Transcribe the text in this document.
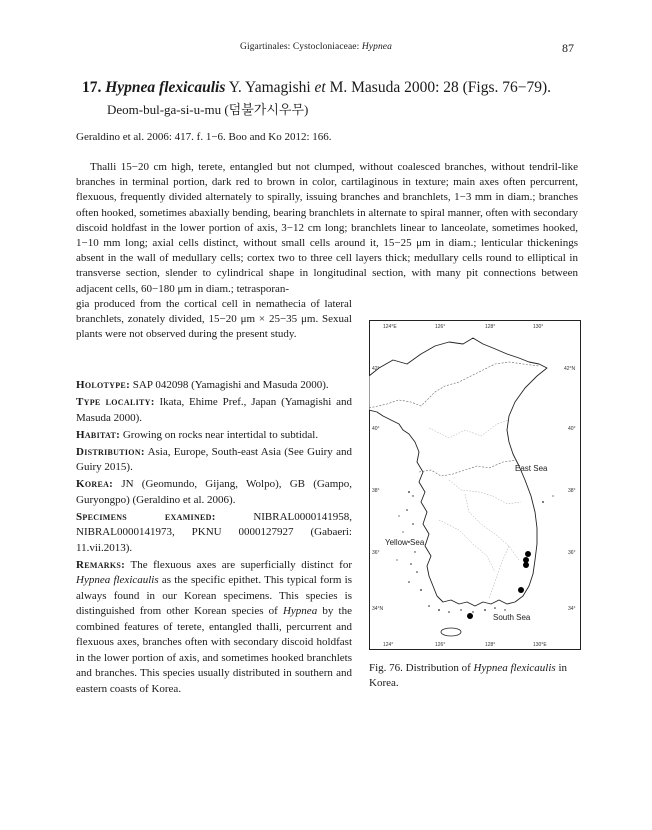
Gigartinales: Cystocloniaceae: Hypnea	87
17. Hypnea flexicaulis Y. Yamagishi et M. Masuda 2000: 28 (Figs. 76−79).
Deom-bul-ga-si-u-mu (덤불가시우무)
Geraldino et al. 2006: 417. f. 1−6. Boo and Ko 2012: 166.

Thalli 15−20 cm high, terete, entangled but not clumped, without coalesced branches, without tendril-like branches in terminal portion, dark red to brown in color, cartilaginous in texture; main axes often percurrent, flexuous, frequently divided alternately to spirally, issuing branches and branchlets, 1−3 mm in diam.; branches often hooked, sometimes abaxially bending, bearing branchlets in alternate to spiral manner, often with secondary discoid holdfast in the lower portion of axis, 3−12 cm long; branchlets linear to lanceolate, sometimes hooked, 1−10 mm long; axial cells distinct, without small cells around it, 15−25 μm in diam.; lenticular thickenings absent in the wall of medullary cells; cortex two to three cell layers thick; medullary cells round to elliptical in transverse section, slender to cylindrical shape in longitudinal section, with many pit connections between adjacent cells, 60−180 μm in diam.; tetrasporan-

gia produced from the cortical cell in nemathecia of lateral branchlets, zonately divided, 15−20 μm × 25−35 μm. Sexual plants were not observed during the present study.

Holotype: SAP 042098 (Yamagishi and Masuda 2000).

Type locality: Ikata, Ehime Pref., Japan (Yamagishi and Masuda 2000).

Habitat: Growing on rocks near intertidal to subtidal.

Distribution: Asia, Europe, South-east Asia (See Guiry and Guiry 2015).

Korea: JN (Geomundo, Gijang, Wolpo), GB (Gampo, Guryongpo) (Geraldino et al. 2006).

Specimens examined:	NIBRAL0000141958, NIBRAL0000141973, PKNU 0000127927 (Gabaeri: 11.vii.2013).

Remarks: The flexuous axes are superficially distinct for Hypnea flexicaulis as the specific epithet. This typical form is always found in our Korean specimens. This species is distinguished from other Korean species of Hypnea by the combined features of terete, entangled thalli, percurrent and flexuous axes, branches often with secondary discoid holdfast in the lower portion of axis, and sometimes hooked branchlets and branches. This species usually distributed in southern and eastern coasts of Korea.

124°E	126°	128°	130°
124°	126°	128°	130°E
42°
40°
38°
36°
34°N
42°N
40°
38°
36°
34°
East Sea
Yellow Sea
South Sea
Fig. 76. Distribution of Hypnea flexicaulis in Korea.
